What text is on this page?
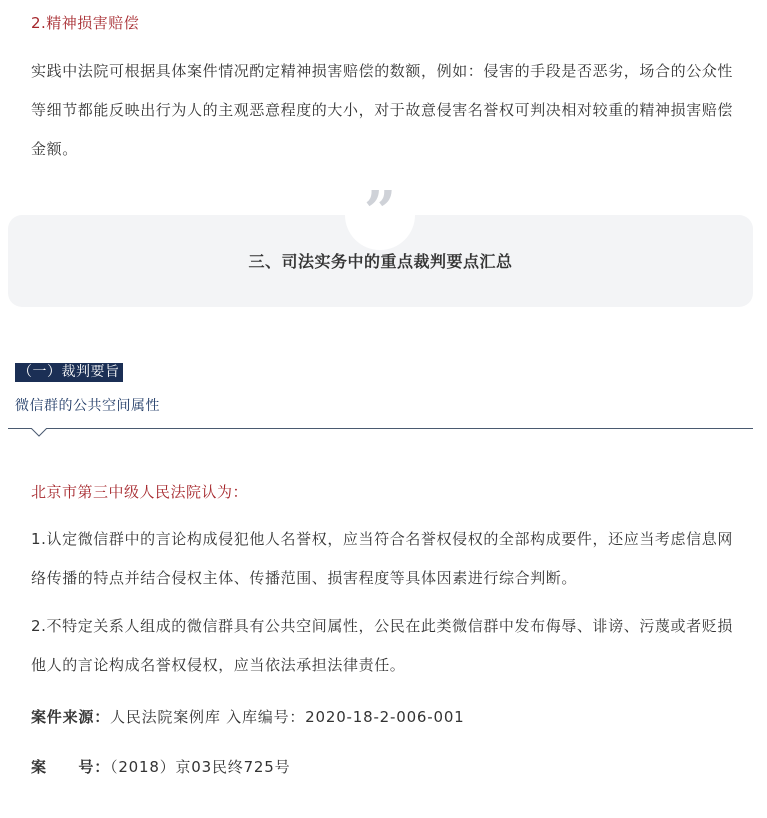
2.精神损害赔偿
实践中法院可根据具体案件情况酌定精神损害赔偿的数额，例如：侵害的手段是否恶劣，场合的公众性等细节都能反映出行为人的主观恶意程度的大小，对于故意侵害名誉权可判决相对较重的精神损害赔偿金额。
”
三、司法实务中的重点裁判要点汇总
（一）裁判要旨
微信群的公共空间属性
北京市第三中级人民法院认为：
1.认定微信群中的言论构成侵犯他人名誉权，应当符合名誉权侵权的全部构成要件，还应当考虑信息网络传播的特点并结合侵权主体、传播范围、损害程度等具体因素进行综合判断。
2.不特定关系人组成的微信群具有公共空间属性，公民在此类微信群中发布侮辱、诽谤、污蔑或者贬损他人的言论构成名誉权侵权，应当依法承担法律责任。
案件来源：人民法院案例库 入库编号：2020-18-2-006-001
案　　号：（2018）京03民终725号
